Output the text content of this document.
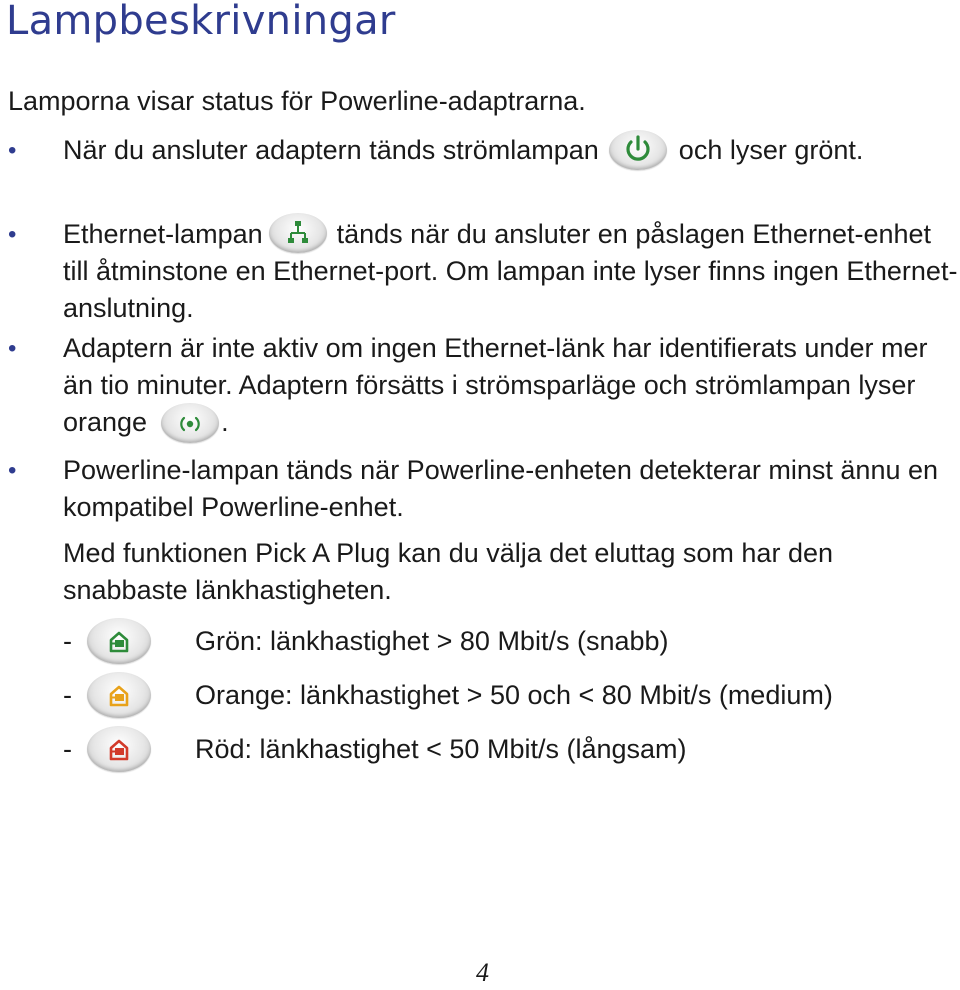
Lampbeskrivningar
Lamporna visar status för Powerline-adaptrarna.
• När du ansluter adaptern tänds strömlampan	och lyser grönt.
• Ethernet-lampan	tänds när du ansluter en påslagen Ethernet-enhet till åtminstone en Ethernet-port. Om lampan inte lyser finns ingen Ethernet-anslutning.
• Adaptern är inte aktiv om ingen Ethernet-länk har identifierats under mer än tio minuter. Adaptern försätts i strömsparläge och strömlampan lyser orange	.
• Powerline-lampan tänds när Powerline-enheten detekterar minst ännu en kompatibel Powerline-enhet.
Med funktionen Pick A Plug kan du välja det eluttag som har den snabbaste länkhastigheten.
-	Grön: länkhastighet > 80 Mbit/s (snabb)
-	Orange: länkhastighet > 50 och < 80 Mbit/s (medium)
-	Röd: länkhastighet < 50 Mbit/s (långsam)
4
